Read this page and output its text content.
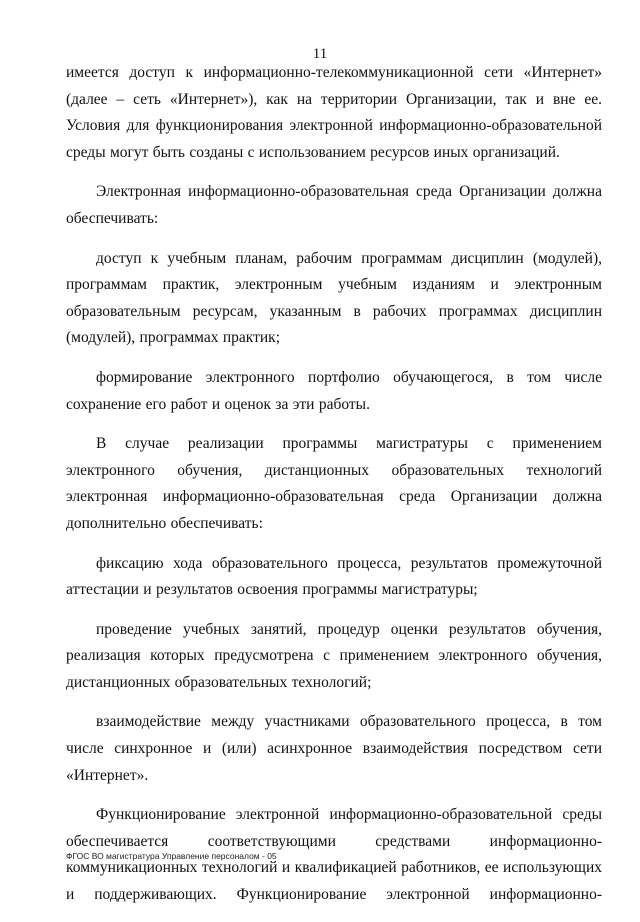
11

имеется доступ к информационно-телекоммуникационной сети «Интернет» (далее – сеть «Интернет»), как на территории Организации, так и вне ее. Условия для функционирования электронной информационно-образовательной среды могут быть созданы с использованием ресурсов иных организаций.

Электронная информационно-образовательная среда Организации должна обеспечивать:

доступ к учебным планам, рабочим программам дисциплин (модулей), программам практик, электронным учебным изданиям и электронным образовательным ресурсам, указанным в рабочих программах дисциплин (модулей), программах практик;

формирование электронного портфолио обучающегося, в том числе сохранение его работ и оценок за эти работы.

В случае реализации программы магистратуры с применением электронного обучения, дистанционных образовательных технологий электронная информационно-образовательная среда Организации должна дополнительно обеспечивать:

фиксацию хода образовательного процесса, результатов промежуточной аттестации и результатов освоения программы магистратуры;

проведение учебных занятий, процедур оценки результатов обучения, реализация которых предусмотрена с применением электронного обучения, дистанционных образовательных технологий;

взаимодействие между участниками образовательного процесса, в том числе синхронное и (или) асинхронное взаимодействия посредством сети «Интернет».

Функционирование электронной информационно-образовательной среды обеспечивается соответствующими средствами информационно-коммуникационных технологий и квалификацией работников, ее использующих и поддерживающих. Функционирование электронной информационно-

ФГОС ВО магистратура Управление персоналом - 05
